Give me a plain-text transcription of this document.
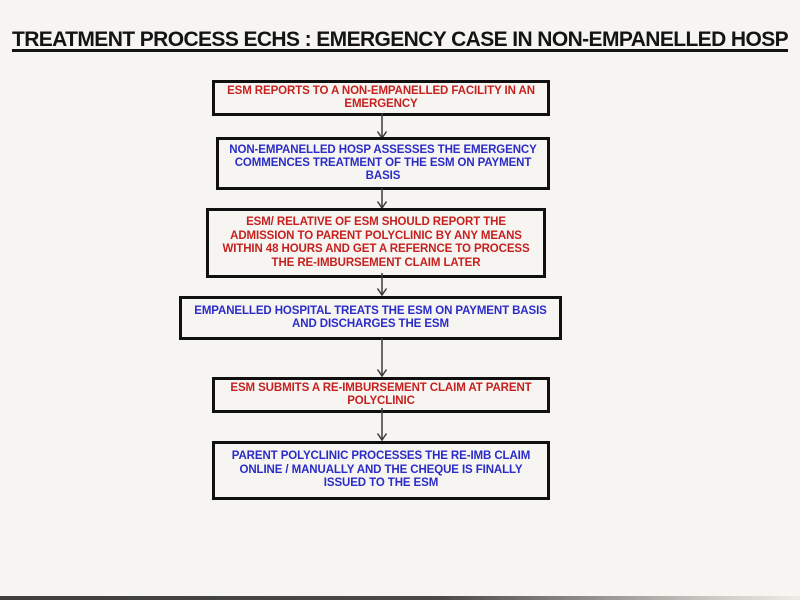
TREATMENT PROCESS ECHS : EMERGENCY CASE IN NON-EMPANELLED HOSP
ESM REPORTS TO A NON-EMPANELLED FACILITY IN AN
EMERGENCY
NON-EMPANELLED HOSP ASSESSES THE EMERGENCY
COMMENCES TREATMENT OF THE ESM ON PAYMENT
BASIS
ESM/ RELATIVE OF ESM SHOULD REPORT THE
ADMISSION TO PARENT POLYCLINIC BY ANY MEANS
WITHIN 48 HOURS AND GET A REFERNCE TO PROCESS
THE RE-IMBURSEMENT CLAIM LATER
EMPANELLED HOSPITAL TREATS THE ESM ON PAYMENT BASIS
AND DISCHARGES THE ESM
ESM SUBMITS A RE-IMBURSEMENT CLAIM AT PARENT
POLYCLINIC
PARENT POLYCLINIC PROCESSES THE RE-IMB CLAIM
ONLINE / MANUALLY AND THE CHEQUE IS FINALLY
ISSUED TO THE ESM
